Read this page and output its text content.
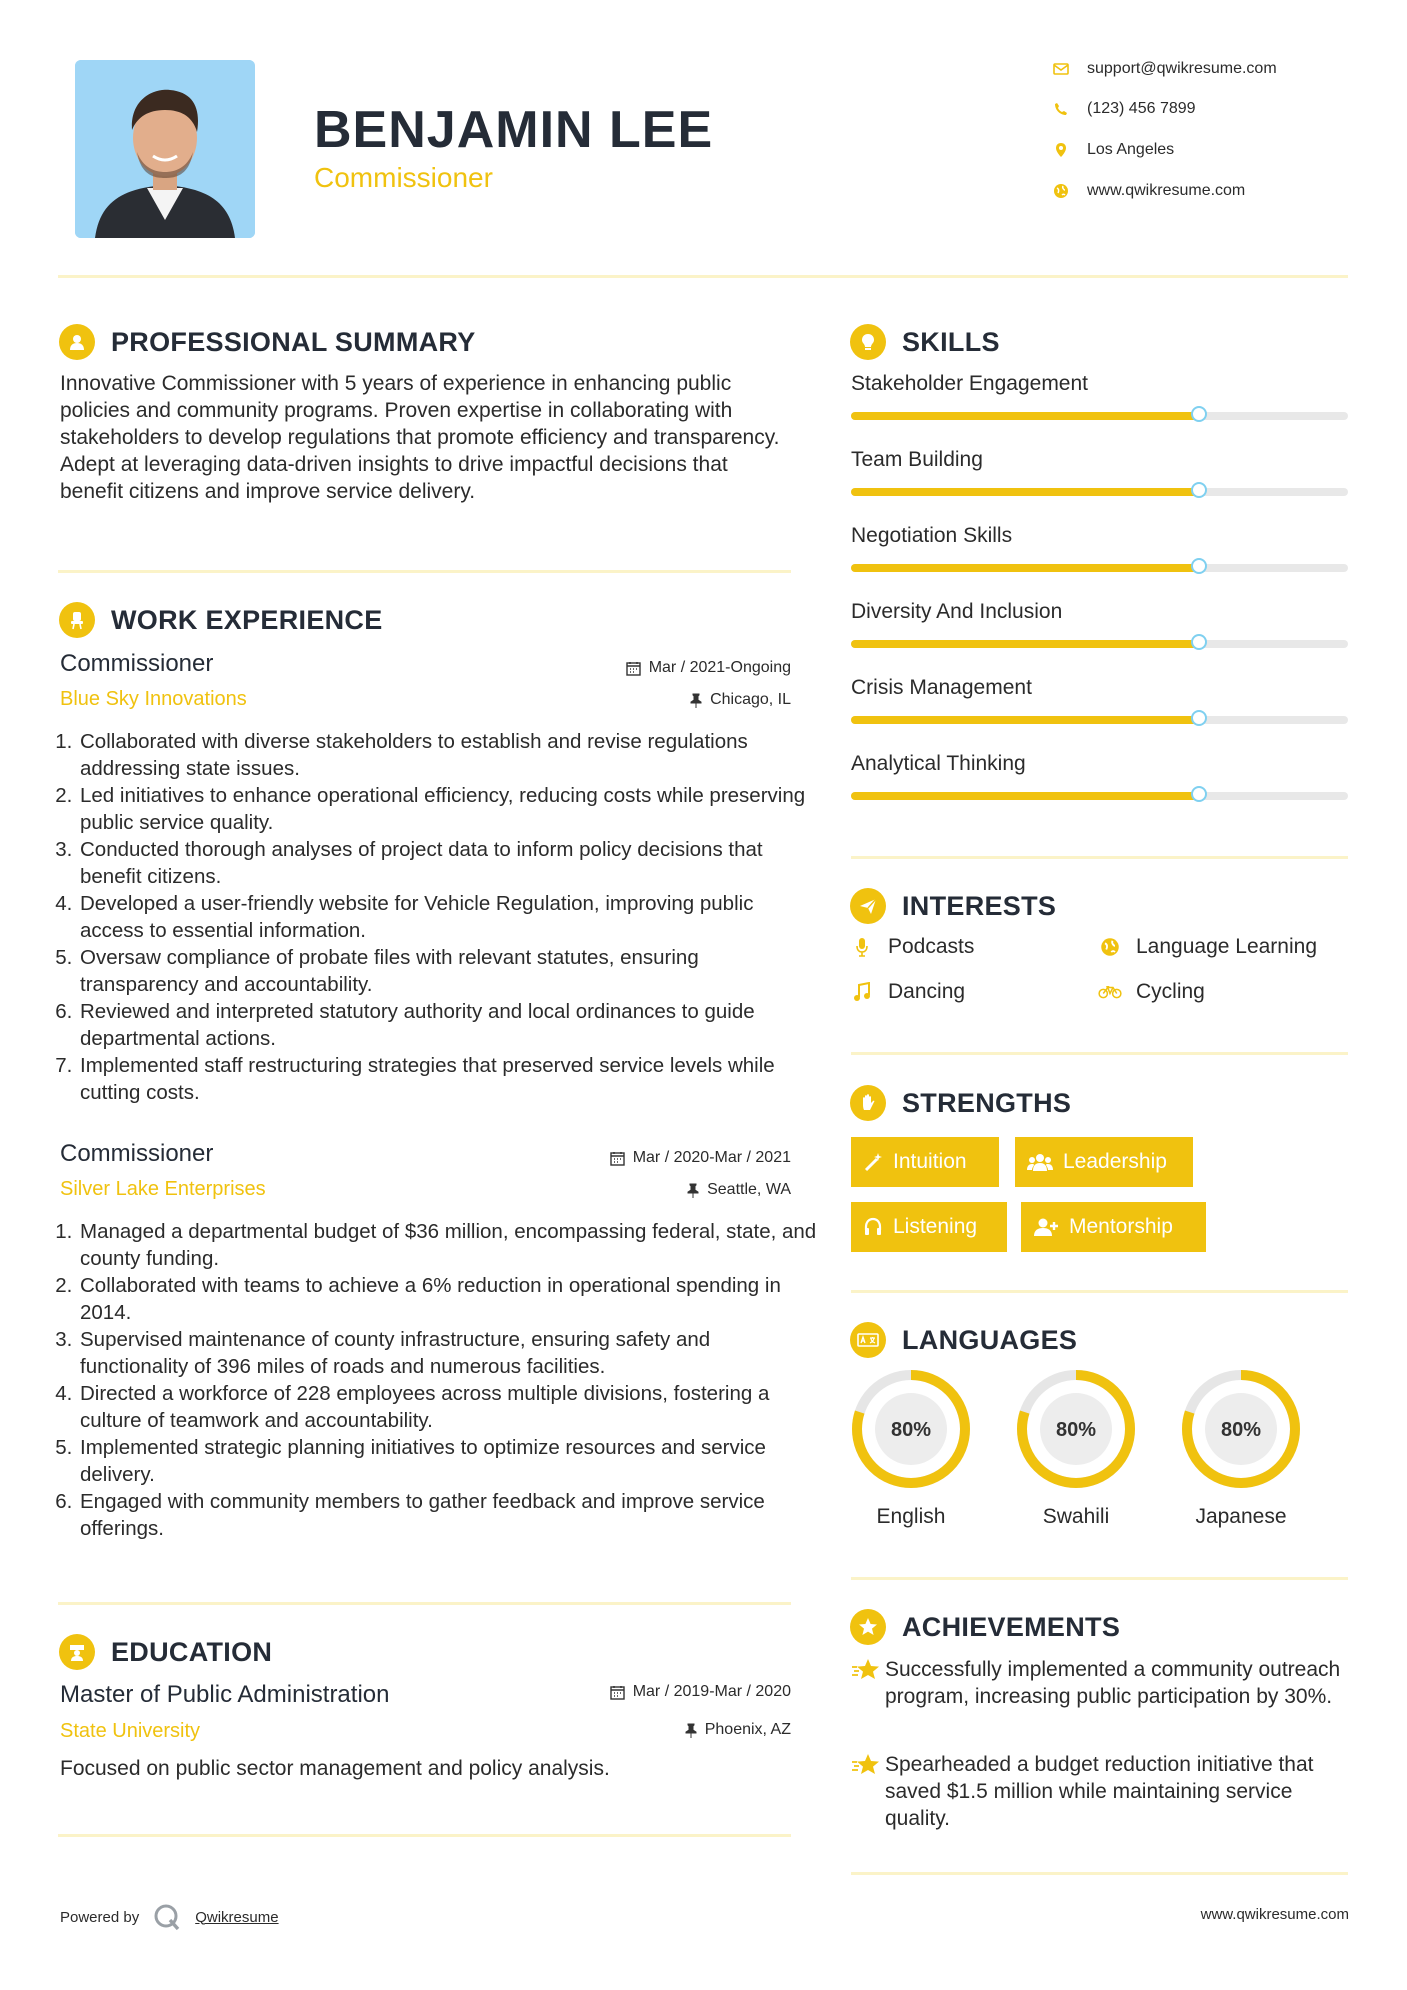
BENJAMIN LEE
Commissioner
support@qwikresume.com
(123) 456 7899
Los Angeles
www.qwikresume.com
PROFESSIONAL SUMMARY
Innovative Commissioner with 5 years of experience in enhancing public policies and community programs. Proven expertise in collaborating with stakeholders to develop regulations that promote efficiency and transparency. Adept at leveraging data-driven insights to drive impactful decisions that benefit citizens and improve service delivery.
WORK EXPERIENCE
Commissioner	Mar / 2021-Ongoing
Blue Sky Innovations	Chicago, IL
1. Collaborated with diverse stakeholders to establish and revise regulations addressing state issues.
2. Led initiatives to enhance operational efficiency, reducing costs while preserving public service quality.
3. Conducted thorough analyses of project data to inform policy decisions that benefit citizens.
4. Developed a user-friendly website for Vehicle Regulation, improving public access to essential information.
5. Oversaw compliance of probate files with relevant statutes, ensuring transparency and accountability.
6. Reviewed and interpreted statutory authority and local ordinances to guide departmental actions.
7. Implemented staff restructuring strategies that preserved service levels while cutting costs.
Commissioner	Mar / 2020-Mar / 2021
Silver Lake Enterprises	Seattle, WA
1. Managed a departmental budget of $36 million, encompassing federal, state, and county funding.
2. Collaborated with teams to achieve a 6% reduction in operational spending in 2014.
3. Supervised maintenance of county infrastructure, ensuring safety and functionality of 396 miles of roads and numerous facilities.
4. Directed a workforce of 228 employees across multiple divisions, fostering a culture of teamwork and accountability.
5. Implemented strategic planning initiatives to optimize resources and service delivery.
6. Engaged with community members to gather feedback and improve service offerings.
EDUCATION
Master of Public Administration	Mar / 2019-Mar / 2020
State University	Phoenix, AZ
Focused on public sector management and policy analysis.
SKILLS
Stakeholder Engagement
Team Building
Negotiation Skills
Diversity And Inclusion
Crisis Management
Analytical Thinking
INTERESTS
Podcasts	Language Learning
Dancing	Cycling
STRENGTHS
Intuition	Leadership
Listening	Mentorship
LANGUAGES
80%
English
80%
Swahili
80%
Japanese
ACHIEVEMENTS
Successfully implemented a community outreach program, increasing public participation by 30%.
Spearheaded a budget reduction initiative that saved $1.5 million while maintaining service quality.
Powered by	Qwikresume	www.qwikresume.com
